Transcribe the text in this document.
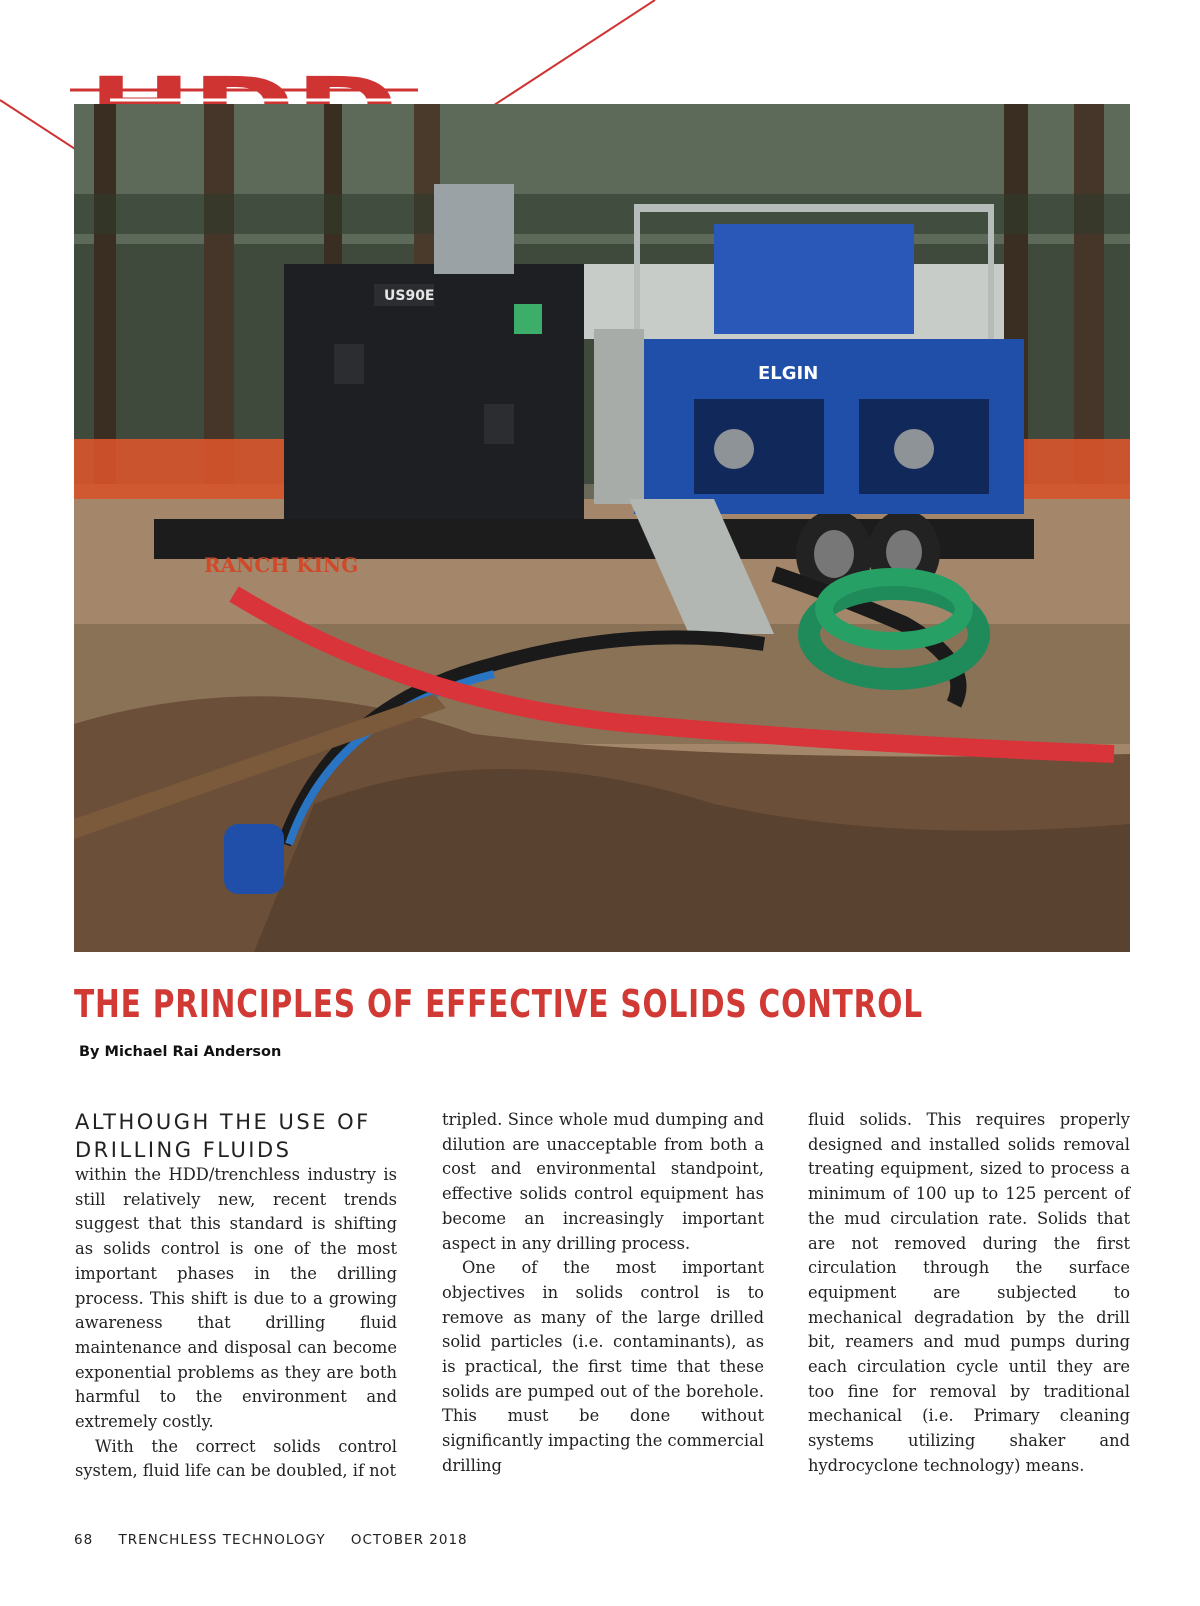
RANCH KING
US90E
ELGIN
THE PRINCIPLES OF EFFECTIVE SOLIDS CONTROL
By Michael Rai Anderson
ALTHOUGH THE USE OF DRILLING FLUIDS

within the HDD/trenchless industry is still relatively new, recent trends suggest that this standard is shifting as solids control is one of the most important phases in the drilling process. This shift is due to a growing awareness that drilling fluid maintenance and disposal can become exponential problems as they are both harmful to the environment and extremely costly.

With the correct solids control system, fluid life can be doubled, if not

tripled. Since whole mud dumping and dilution are unacceptable from both a cost and environmental standpoint, effective solids control equipment has become an increasingly important aspect in any drilling process.

One of the most important objectives in solids control is to remove as many of the large drilled solid particles (i.e. contaminants), as is practical, the first time that these solids are pumped out of the borehole. This must be done without significantly impacting the commercial drilling

fluid solids. This requires properly designed and installed solids removal treating equipment, sized to process a minimum of 100 up to 125 percent of the mud circulation rate. Solids that are not removed during the first circulation through the surface equipment are subjected to mechanical degradation by the drill bit, reamers and mud pumps during each circulation cycle until they are too fine for removal by traditional mechanical (i.e. Primary cleaning systems utilizing shaker and hydrocyclone technology) means.

68 TRENCHLESS TECHNOLOGY OCTOBER 2018
